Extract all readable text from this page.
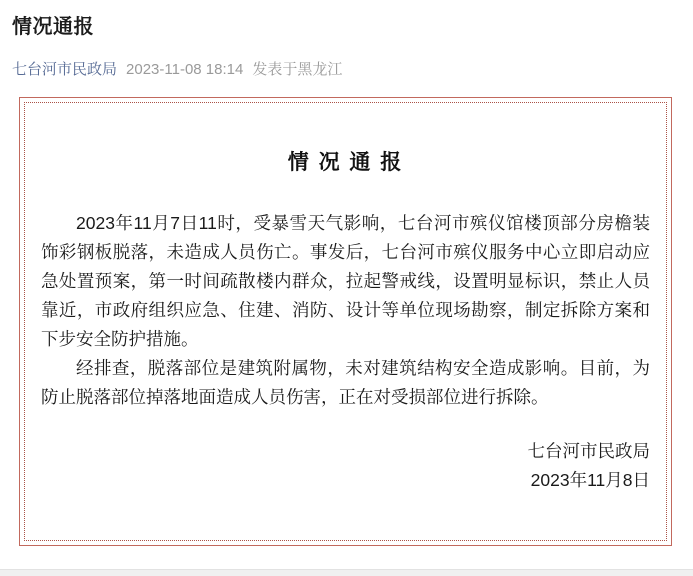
情况通报
七台河市民政局 2023-11-08 18:14 发表于黑龙江
情 况 通 报

2023年11月7日11时，受暴雪天气影响，七台河市殡仪馆楼顶部分房檐装饰彩钢板脱落，未造成人员伤亡。事发后，七台河市殡仪服务中心立即启动应急处置预案，第一时间疏散楼内群众，拉起警戒线，设置明显标识，禁止人员靠近，市政府组织应急、住建、消防、设计等单位现场勘察，制定拆除方案和下步安全防护措施。

经排查，脱落部位是建筑附属物，未对建筑结构安全造成影响。目前，为防止脱落部位掉落地面造成人员伤害，正在对受损部位进行拆除。

七台河市民政局
2023年11月8日
